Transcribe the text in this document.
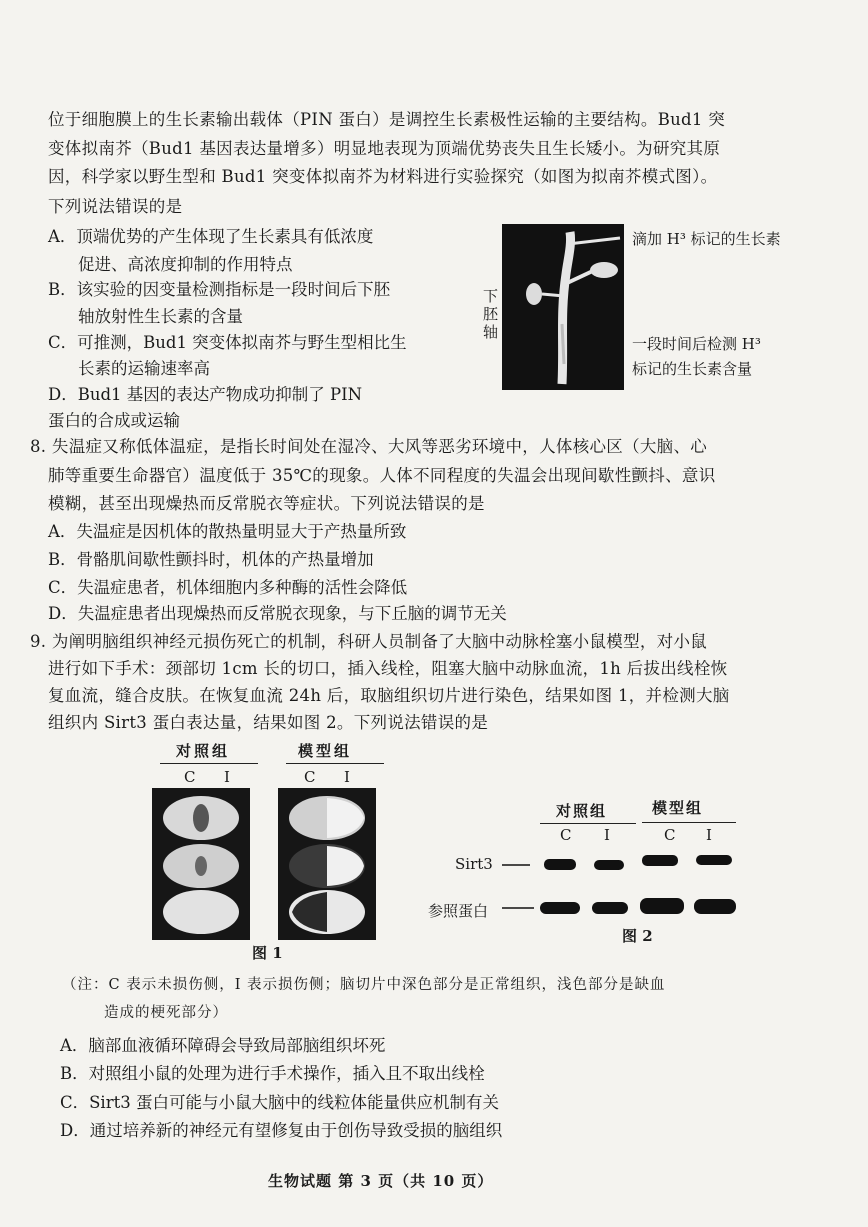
位于细胞膜上的生长素输出载体（PIN 蛋白）是调控生长素极性运输的主要结构。Bud1 突
变体拟南芥（Bud1 基因表达量增多）明显地表现为顶端优势丧失且生长矮小。为研究其原
因，科学家以野生型和 Bud1 突变体拟南芥为材料进行实验探究（如图为拟南芥模式图）。
下列说法错误的是
A．顶端优势的产生体现了生长素具有低浓度
促进、高浓度抑制的作用特点
B．该实验的因变量检测指标是一段时间后下胚
轴放射性生长素的含量
C．可推测，Bud1 突变体拟南芥与野生型相比生
长素的运输速率高
D．Bud1 基因的表达产物成功抑制了 PIN
蛋白的合成或运输
滴加 H³ 标记的生长素
一段时间后检测 H³
标记的生长素含量
下
胚
轴
8. 失温症又称低体温症，是指长时间处在湿冷、大风等恶劣环境中，人体核心区（大脑、心
肺等重要生命器官）温度低于 35℃的现象。人体不同程度的失温会出现间歇性颤抖、意识
模糊，甚至出现燥热而反常脱衣等症状。下列说法错误的是
A．失温症是因机体的散热量明显大于产热量所致
B．骨骼肌间歇性颤抖时，机体的产热量增加
C．失温症患者，机体细胞内多种酶的活性会降低
D．失温症患者出现燥热而反常脱衣现象，与下丘脑的调节无关
9. 为阐明脑组织神经元损伤死亡的机制，科研人员制备了大脑中动脉栓塞小鼠模型，对小鼠
进行如下手术：颈部切 1cm 长的切口，插入线栓，阻塞大脑中动脉血流，1h 后拔出线栓恢
复血流，缝合皮肤。在恢复血流 24h 后，取脑组织切片进行染色，结果如图 1，并检测大脑
组织内 Sirt3 蛋白表达量，结果如图 2。下列说法错误的是
对照组	模型组
C I	C I
图 1
对照组	模型组
C I	C I
Sirt3
参照蛋白
图 2
（注：C 表示未损伤侧，I 表示损伤侧；脑切片中深色部分是正常组织，浅色部分是缺血
造成的梗死部分）
A．脑部血液循环障碍会导致局部脑组织坏死
B．对照组小鼠的处理为进行手术操作，插入且不取出线栓
C．Sirt3 蛋白可能与小鼠大脑中的线粒体能量供应机制有关
D．通过培养新的神经元有望修复由于创伤导致受损的脑组织
生物试题 第 3 页（共 10 页）
